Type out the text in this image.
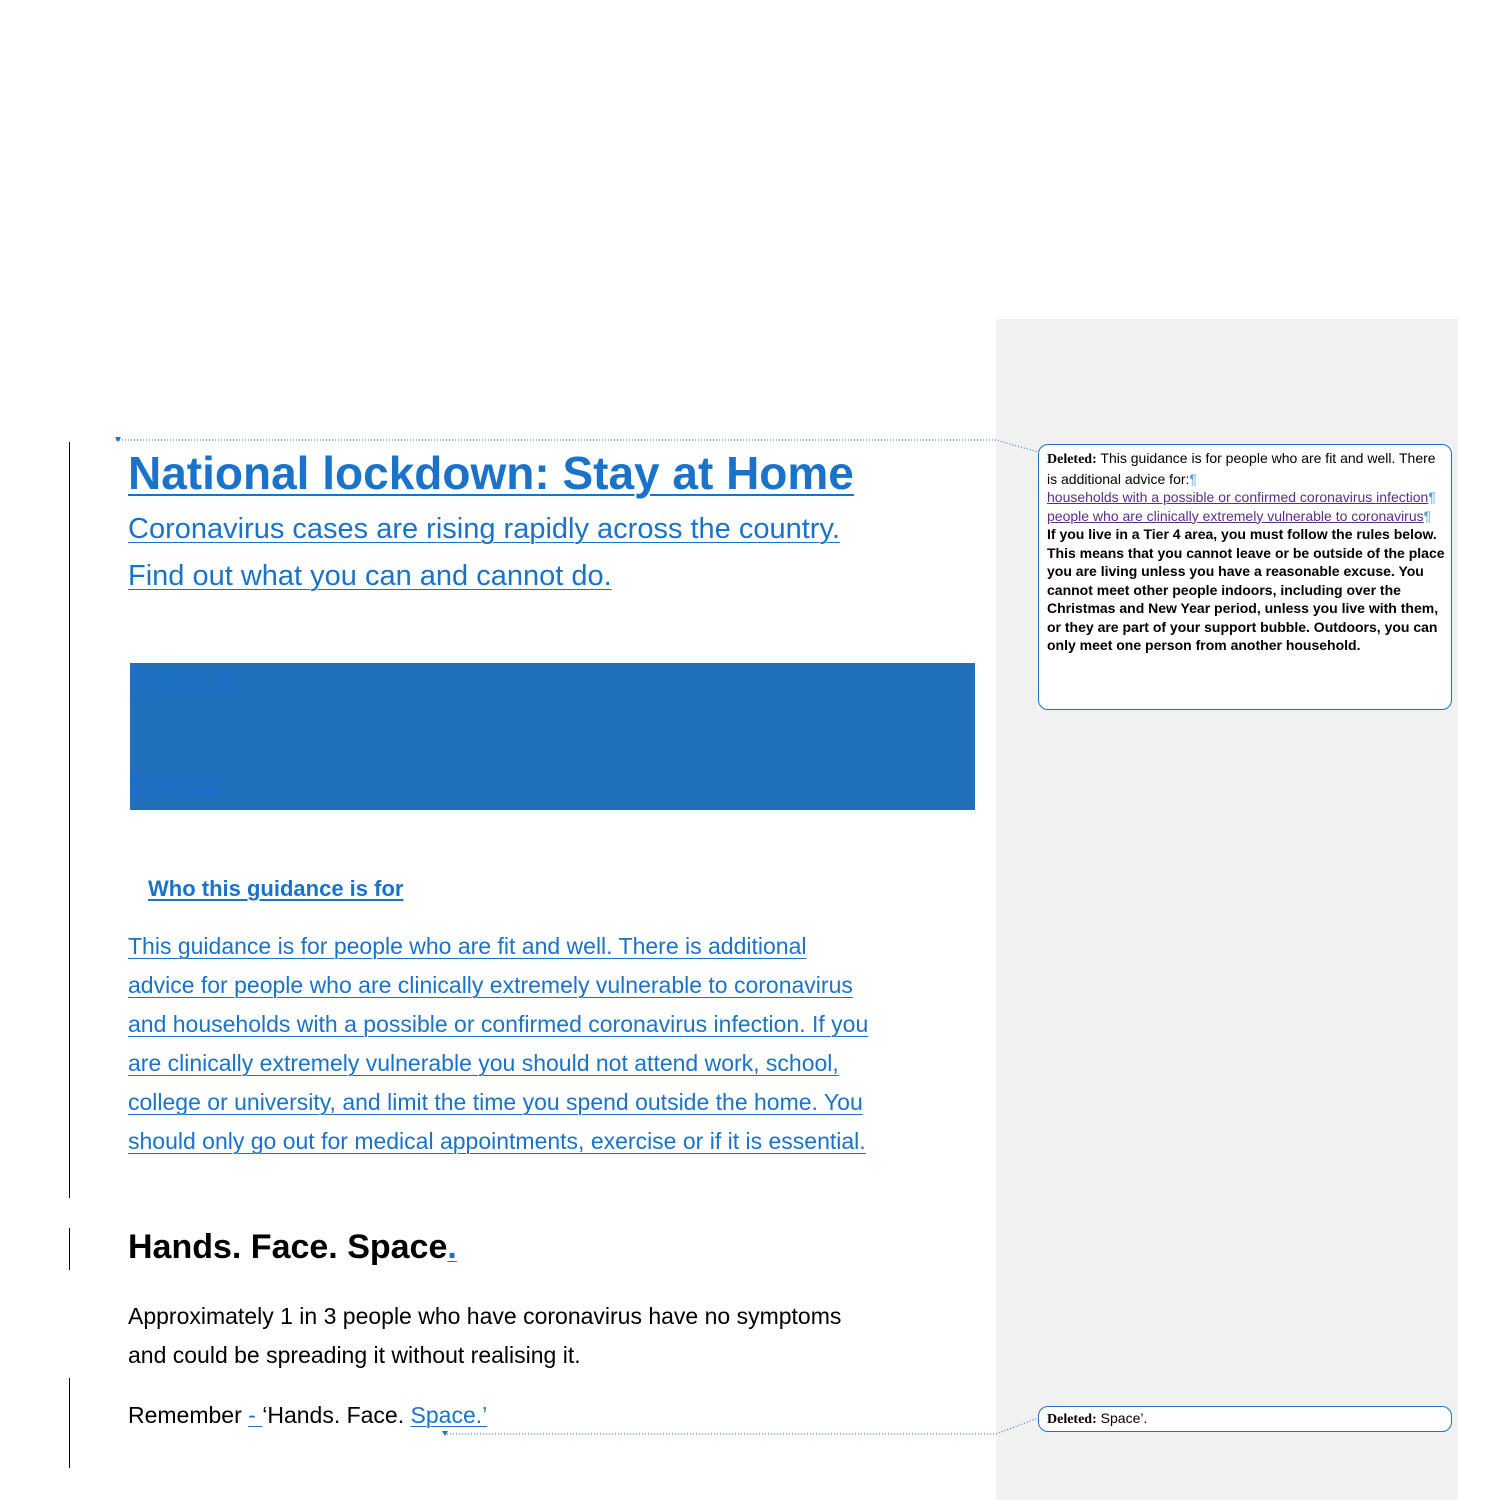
National lockdown: Stay at Home

Coronavirus cases are rising rapidly across the country.
Find out what you can and cannot do.

Applies to
England
Who this guidance is for

This guidance is for people who are fit and well. There is additional
advice for people who are clinically extremely vulnerable to coronavirus
and households with a possible or confirmed coronavirus infection. If you
are clinically extremely vulnerable you should not attend work, school,
college or university, and limit the time you spend outside the home. You
should only go out for medical appointments, exercise or if it is essential.

Hands. Face. Space.

Approximately 1 in 3 people who have coronavirus have no symptoms
and could be spreading it without realising it.

Remember - ‘Hands. Face. Space.’

Deleted: This guidance is for people who are fit and well. There is additional advice for:¶
households with a possible or confirmed coronavirus infection¶
people who are clinically extremely vulnerable to coronavirus¶
If you live in a Tier 4 area, you must follow the rules below. This means that you cannot leave or be outside of the place you are living unless you have a reasonable excuse. You cannot meet other people indoors, including over the Christmas and New Year period, unless you live with them, or they are part of your support bubble. Outdoors, you can only meet one person from another household.
Deleted: Space’.
